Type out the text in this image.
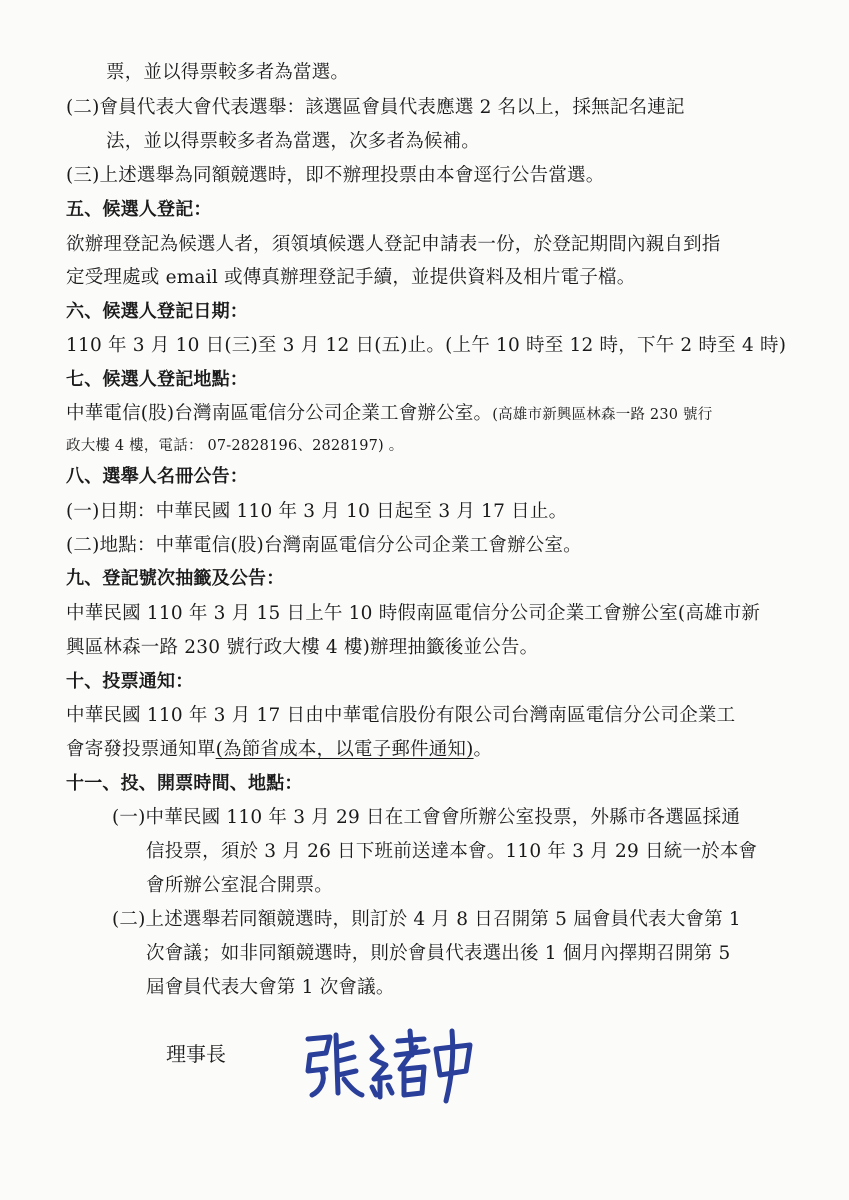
票，並以得票較多者為當選。
(二)會員代表大會代表選舉：該選區會員代表應選 2 名以上，採無記名連記
法，並以得票較多者為當選，次多者為候補。
(三)上述選舉為同額競選時，即不辦理投票由本會逕行公告當選。
五、候選人登記：
欲辦理登記為候選人者，須領填候選人登記申請表一份，於登記期間內親自到指
定受理處或 email 或傳真辦理登記手續，並提供資料及相片電子檔。
六、候選人登記日期：
110 年 3 月 10 日(三)至 3 月 12 日(五)止。(上午 10 時至 12 時，下午 2 時至 4 時)
七、候選人登記地點：
中華電信(股)台灣南區電信分公司企業工會辦公室。(高雄市新興區林森一路 230 號行
政大樓 4 樓，電話： 07-2828196、2828197) 。
八、選舉人名冊公告：
(一)日期：中華民國 110 年 3 月 10 日起至 3 月 17 日止。
(二)地點：中華電信(股)台灣南區電信分公司企業工會辦公室。
九、登記號次抽籤及公告：
中華民國 110 年 3 月 15 日上午 10 時假南區電信分公司企業工會辦公室(高雄市新
興區林森一路 230 號行政大樓 4 樓)辦理抽籤後並公告。
十、投票通知：
中華民國 110 年 3 月 17 日由中華電信股份有限公司台灣南區電信分公司企業工
會寄發投票通知單(為節省成本，以電子郵件通知)。
十一、投、開票時間、地點：
(一)中華民國 110 年 3 月 29 日在工會會所辦公室投票，外縣市各選區採通
信投票，須於 3 月 26 日下班前送達本會。110 年 3 月 29 日統一於本會
會所辦公室混合開票。
(二)上述選舉若同額競選時，則訂於 4 月 8 日召開第 5 屆會員代表大會第 1
次會議；如非同額競選時，則於會員代表選出後 1 個月內擇期召開第 5
屆會員代表大會第 1 次會議。
理事長
